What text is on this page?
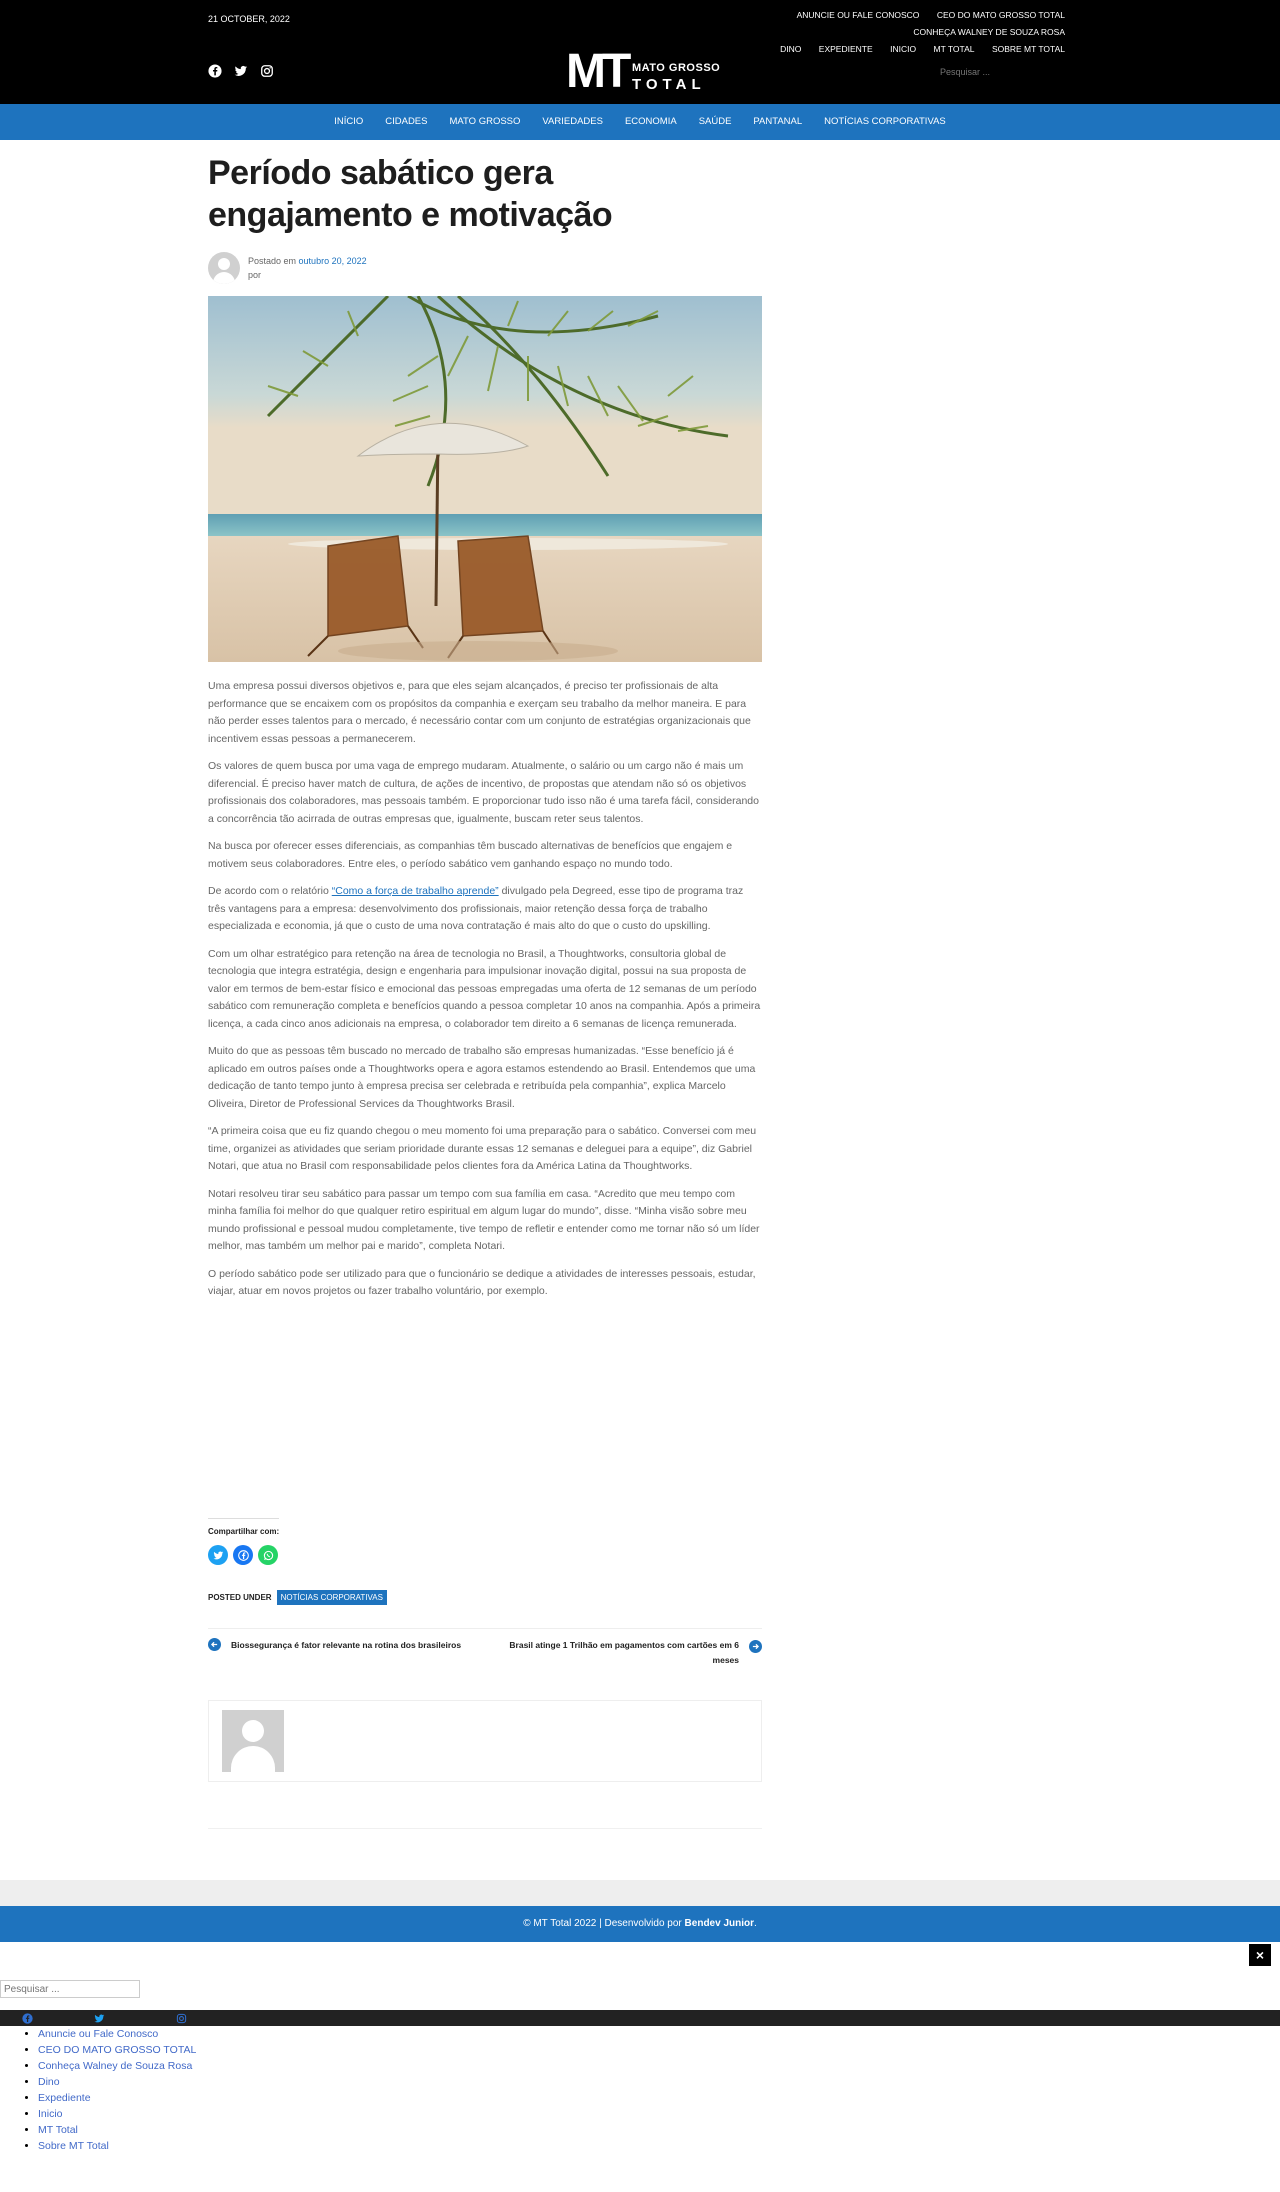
21 OCTOBER, 2022	ANUNCIE OU FALE CONOSCO CEO DO MATO GROSSO TOTAL CONHEÇA WALNEY DE SOUZA ROSA
DINO EXPEDIENTE INICIO MT TOTAL SOBRE MT TOTAL
MT MATO GROSSO
TOTAL
Pesquisar ...
INÍCIO CIDADES MATO GROSSO VARIEDADES ECONOMIA SAÚDE PANTANAL NOTÍCIAS CORPORATIVAS
Período sabático gera engajamento e motivação
Postado em outubro 20, 2022
por

Uma empresa possui diversos objetivos e, para que eles sejam alcançados, é preciso ter profissionais de alta performance que se encaixem com os propósitos da companhia e exerçam seu trabalho da melhor maneira. E para não perder esses talentos para o mercado, é necessário contar com um conjunto de estratégias organizacionais que incentivem essas pessoas a permanecerem.

Os valores de quem busca por uma vaga de emprego mudaram. Atualmente, o salário ou um cargo não é mais um diferencial. É preciso haver match de cultura, de ações de incentivo, de propostas que atendam não só os objetivos profissionais dos colaboradores, mas pessoais também. E proporcionar tudo isso não é uma tarefa fácil, considerando a concorrência tão acirrada de outras empresas que, igualmente, buscam reter seus talentos.

Na busca por oferecer esses diferenciais, as companhias têm buscado alternativas de benefícios que engajem e motivem seus colaboradores. Entre eles, o período sabático vem ganhando espaço no mundo todo.

De acordo com o relatório “Como a força de trabalho aprende” divulgado pela Degreed, esse tipo de programa traz três vantagens para a empresa: desenvolvimento dos profissionais, maior retenção dessa força de trabalho especializada e economia, já que o custo de uma nova contratação é mais alto do que o custo do upskilling.

Com um olhar estratégico para retenção na área de tecnologia no Brasil, a Thoughtworks, consultoria global de tecnologia que integra estratégia, design e engenharia para impulsionar inovação digital, possui na sua proposta de valor em termos de bem-estar físico e emocional das pessoas empregadas uma oferta de 12 semanas de um período sabático com remuneração completa e benefícios quando a pessoa completar 10 anos na companhia. Após a primeira licença, a cada cinco anos adicionais na empresa, o colaborador tem direito a 6 semanas de licença remunerada.

Muito do que as pessoas têm buscado no mercado de trabalho são empresas humanizadas. “Esse benefício já é aplicado em outros países onde a Thoughtworks opera e agora estamos estendendo ao Brasil. Entendemos que uma dedicação de tanto tempo junto à empresa precisa ser celebrada e retribuída pela companhia”, explica Marcelo Oliveira, Diretor de Professional Services da Thoughtworks Brasil.

“A primeira coisa que eu fiz quando chegou o meu momento foi uma preparação para o sabático. Conversei com meu time, organizei as atividades que seriam prioridade durante essas 12 semanas e deleguei para a equipe”, diz Gabriel Notari, que atua no Brasil com responsabilidade pelos clientes fora da América Latina da Thoughtworks.

Notari resolveu tirar seu sabático para passar um tempo com sua família em casa. “Acredito que meu tempo com minha família foi melhor do que qualquer retiro espiritual em algum lugar do mundo”, disse. “Minha visão sobre meu mundo profissional e pessoal mudou completamente, tive tempo de refletir e entender como me tornar não só um líder melhor, mas também um melhor pai e marido”, completa Notari.

O período sabático pode ser utilizado para que o funcionário se dedique a atividades de interesses pessoais, estudar, viajar, atuar em novos projetos ou fazer trabalho voluntário, por exemplo.

Compartilhar com:
POSTED UNDER	NOTÍCIAS CORPORATIVAS
Biossegurança é fator relevante na rotina dos brasileiros	Brasil atinge 1 Trilhão em pagamentos com cartões em 6 meses
© MT Total 2022 | Desenvolvido por Bendev Junior.
×
Pesquisar ...
• Anuncie ou Fale Conosco
• CEO DO MATO GROSSO TOTAL
• Conheça Walney de Souza Rosa
• Dino
• Expediente
• Inicio
• MT Total
• Sobre MT Total
